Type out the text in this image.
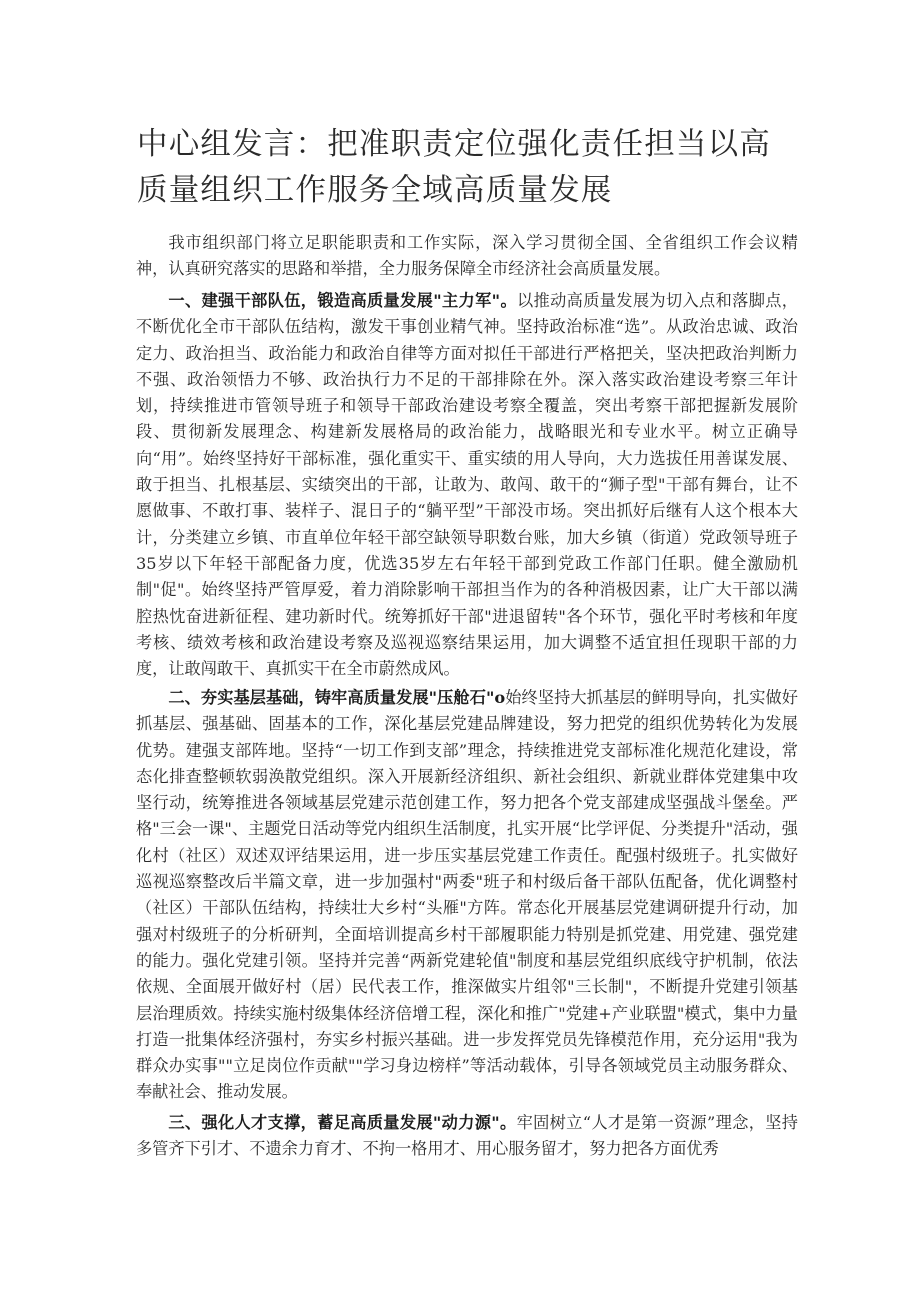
中心组发言：把准职责定位强化责任担当以高质量组织工作服务全域高质量发展

我市组织部门将立足职能职责和工作实际，深入学习贯彻全国、全省组织工作会议精神，认真研究落实的思路和举措，全力服务保障全市经济社会高质量发展。

一、建强干部队伍，锻造高质量发展"主力军"。以推动高质量发展为切入点和落脚点，不断优化全市干部队伍结构，激发干事创业精气神。坚持政治标准“选”。从政治忠诚、政治定力、政治担当、政治能力和政治自律等方面对拟任干部进行严格把关，坚决把政治判断力不强、政治领悟力不够、政治执行力不足的干部排除在外。深入落实政治建设考察三年计划，持续推进市管领导班子和领导干部政治建设考察全覆盖，突出考察干部把握新发展阶段、贯彻新发展理念、构建新发展格局的政治能力，战略眼光和专业水平。树立正确导向“用”。始终坚持好干部标准，强化重实干、重实绩的用人导向，大力选拔任用善谋发展、敢于担当、扎根基层、实绩突出的干部，让敢为、敢闯、敢干的“狮子型"干部有舞台，让不愿做事、不敢打事、装样子、混日子的“躺平型”干部没市场。突出抓好后继有人这个根本大计，分类建立乡镇、市直单位年轻干部空缺领导职数台账，加大乡镇（街道）党政领导班子35岁以下年轻干部配备力度，优选35岁左右年轻干部到党政工作部门任职。健全激励机制"促"。始终坚持严管厚爱，着力消除影响干部担当作为的各种消极因素，让广大干部以满腔热忱奋进新征程、建功新时代。统筹抓好干部"进退留转"各个环节，强化平时考核和年度考核、绩效考核和政治建设考察及巡视巡察结果运用，加大调整不适宜担任现职干部的力度，让敢闯敢干、真抓实干在全市蔚然成风。

二、夯实基层基础，铸牢高质量发展"压舱石"o始终坚持大抓基层的鲜明导向，扎实做好抓基层、强基础、固基本的工作，深化基层党建品牌建设，努力把党的组织优势转化为发展优势。建强支部阵地。坚持“一切工作到支部”理念，持续推进党支部标准化规范化建设，常态化排查整顿软弱涣散党组织。深入开展新经济组织、新社会组织、新就业群体党建集中攻坚行动，统筹推进各领域基层党建示范创建工作，努力把各个党支部建成坚强战斗堡垒。严格"三会一课"、主题党日活动等党内组织生活制度，扎实开展“比学评促、分类提升"活动，强化村（社区）双述双评结果运用，进一步压实基层党建工作责任。配强村级班子。扎实做好巡视巡察整改后半篇文章，进一步加强村"两委"班子和村级后备干部队伍配备，优化调整村（社区）干部队伍结构，持续壮大乡村“头雁"方阵。常态化开展基层党建调研提升行动，加强对村级班子的分析研判，全面培训提高乡村干部履职能力特别是抓党建、用党建、强党建的能力。强化党建引领。坚持并完善“两新党建轮值"制度和基层党组织底线守护机制，依法依规、全面展开做好村（居）民代表工作，推深做实片组邻"三长制"，不断提升党建引领基层治理质效。持续实施村级集体经济倍增工程，深化和推广"党建+产业联盟"模式，集中力量打造一批集体经济强村，夯实乡村振兴基础。进一步发挥党员先锋模范作用，充分运用"我为群众办实事""立足岗位作贡献""学习身边榜样”等活动载体，引导各领域党员主动服务群众、奉献社会、推动发展。

三、强化人才支撑，蓄足高质量发展"动力源"。牢固树立“人才是第一资源”理念，坚持多管齐下引才、不遗余力育才、不拘一格用才、用心服务留才，努力把各方面优秀
